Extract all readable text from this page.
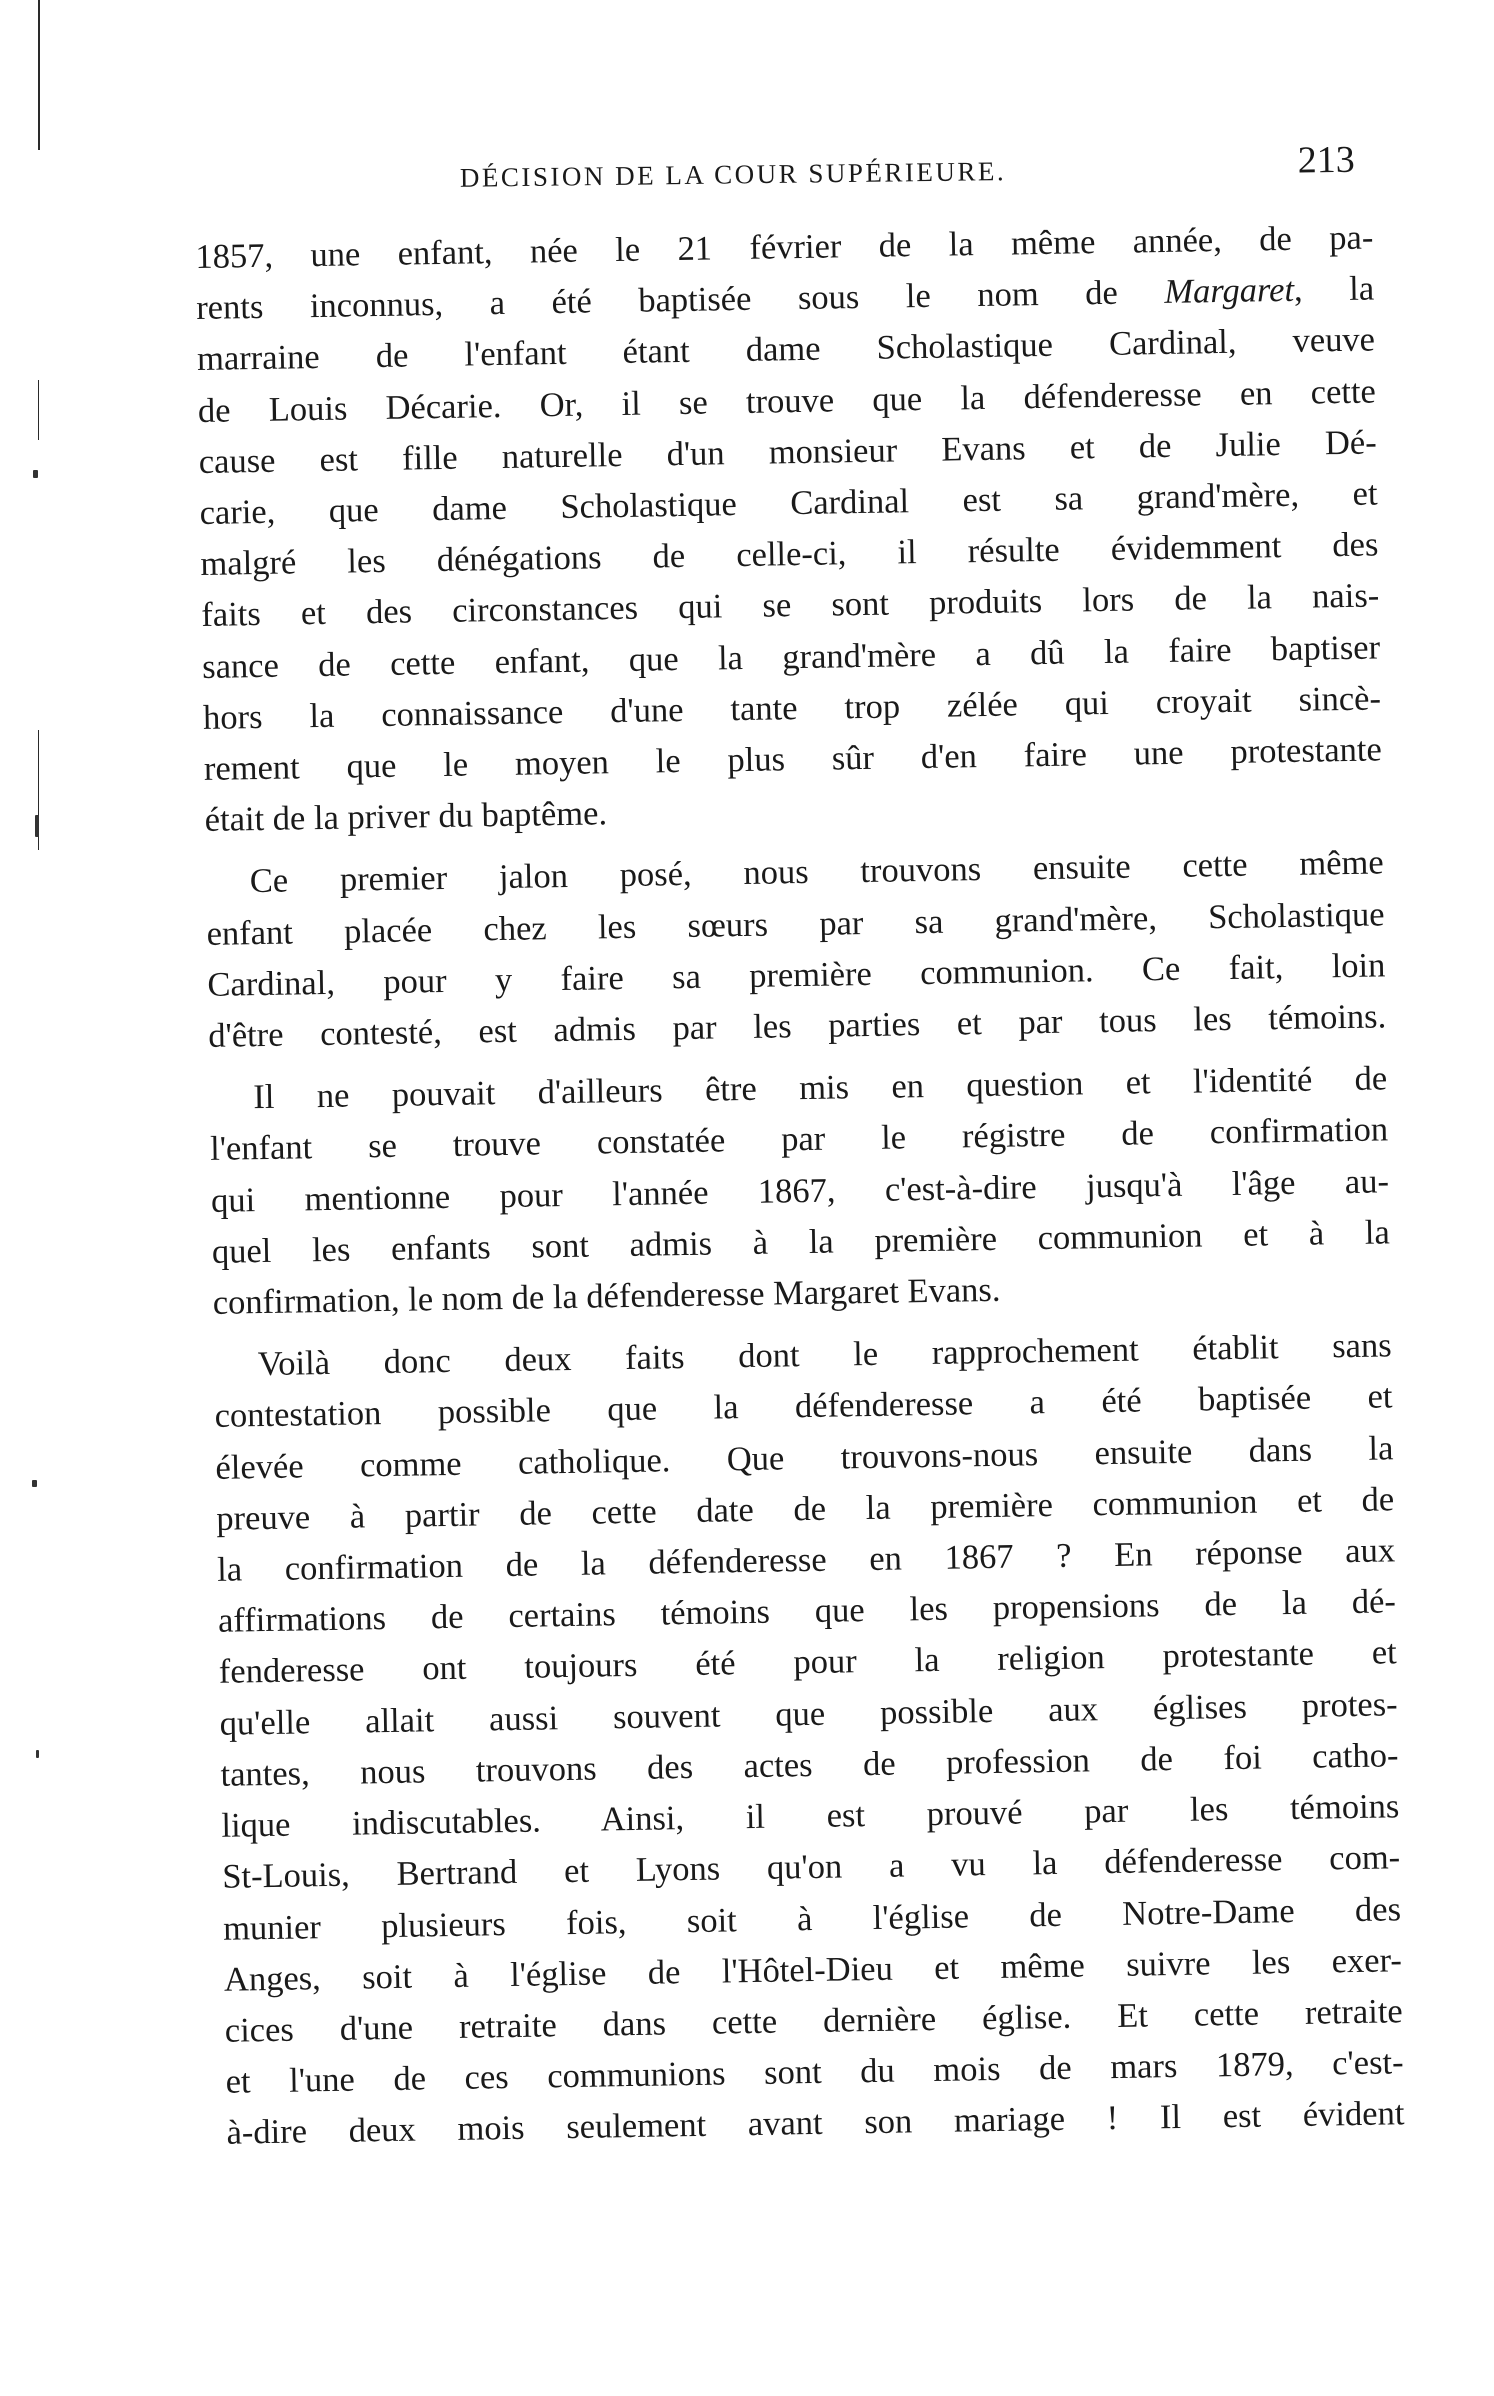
DÉCISION DE LA COUR SUPÉRIEURE.	213
1857, une enfant, née le 21 février de la même année, de pa-
rents inconnus, a été baptisée sous le nom de Margaret, la
marraine de l'enfant étant dame Scholastique Cardinal, veuve
de Louis Décarie. Or, il se trouve que la défenderesse en cette
cause est fille naturelle d'un monsieur Evans et de Julie Dé-
carie, que dame Scholastique Cardinal est sa grand'mère, et
malgré les dénégations de celle-ci, il résulte évidemment des
faits et des circonstances qui se sont produits lors de la nais-
sance de cette enfant, que la grand'mère a dû la faire baptiser
hors la connaissance d'une tante trop zélée qui croyait sincè-
rement que le moyen le plus sûr d'en faire une protestante
était de la priver du baptême.
Ce premier jalon posé, nous trouvons ensuite cette même
enfant placée chez les sœurs par sa grand'mère, Scholastique
Cardinal, pour y faire sa première communion. Ce fait, loin
d'être contesté, est admis par les parties et par tous les témoins.
Il ne pouvait d'ailleurs être mis en question et l'identité de
l'enfant se trouve constatée par le régistre de confirmation
qui mentionne pour l'année 1867, c'est-à-dire jusqu'à l'âge au-
quel les enfants sont admis à la première communion et à la
confirmation, le nom de la défenderesse Margaret Evans.
Voilà donc deux faits dont le rapprochement établit sans
contestation possible que la défenderesse a été baptisée et
élevée comme catholique. Que trouvons-nous ensuite dans la
preuve à partir de cette date de la première communion et de
la confirmation de la défenderesse en 1867 ? En réponse aux
affirmations de certains témoins que les propensions de la dé-
fenderesse ont toujours été pour la religion protestante et
qu'elle allait aussi souvent que possible aux églises protes-
tantes, nous trouvons des actes de profession de foi catho-
lique indiscutables. Ainsi, il est prouvé par les témoins
St-Louis, Bertrand et Lyons qu'on a vu la défenderesse com-
munier plusieurs fois, soit à l'église de Notre-Dame des
Anges, soit à l'église de l'Hôtel-Dieu et même suivre les exer-
cices d'une retraite dans cette dernière église. Et cette retraite
et l'une de ces communions sont du mois de mars 1879, c'est-
à-dire deux mois seulement avant son mariage ! Il est évident
